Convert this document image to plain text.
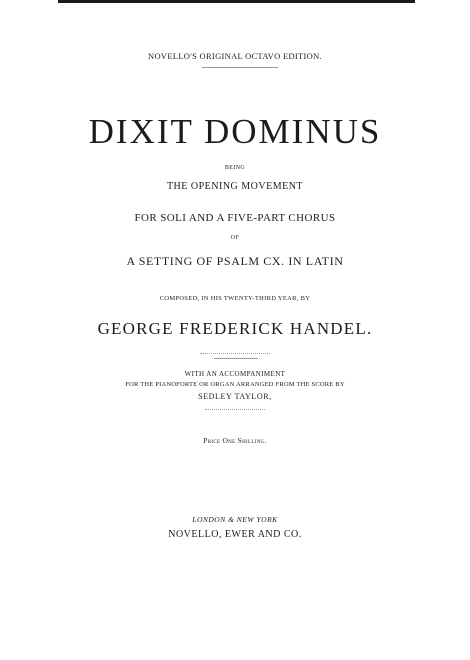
NOVELLO'S ORIGINAL OCTAVO EDITION.
DIXIT DOMINUS
BEING
THE OPENING MOVEMENT
FOR SOLI AND A FIVE-PART CHORUS
OF
A SETTING OF PSALM CX. IN LATIN
COMPOSED, IN HIS TWENTY-THIRD YEAR, BY
GEORGE FREDERICK HANDEL.
WITH AN ACCOMPANIMENT
FOR THE PIANOFORTE OR ORGAN ARRANGED FROM THE SCORE BY
SEDLEY TAYLOR,
Price One Shilling.
LONDON & NEW YORK
NOVELLO, EWER AND CO.
